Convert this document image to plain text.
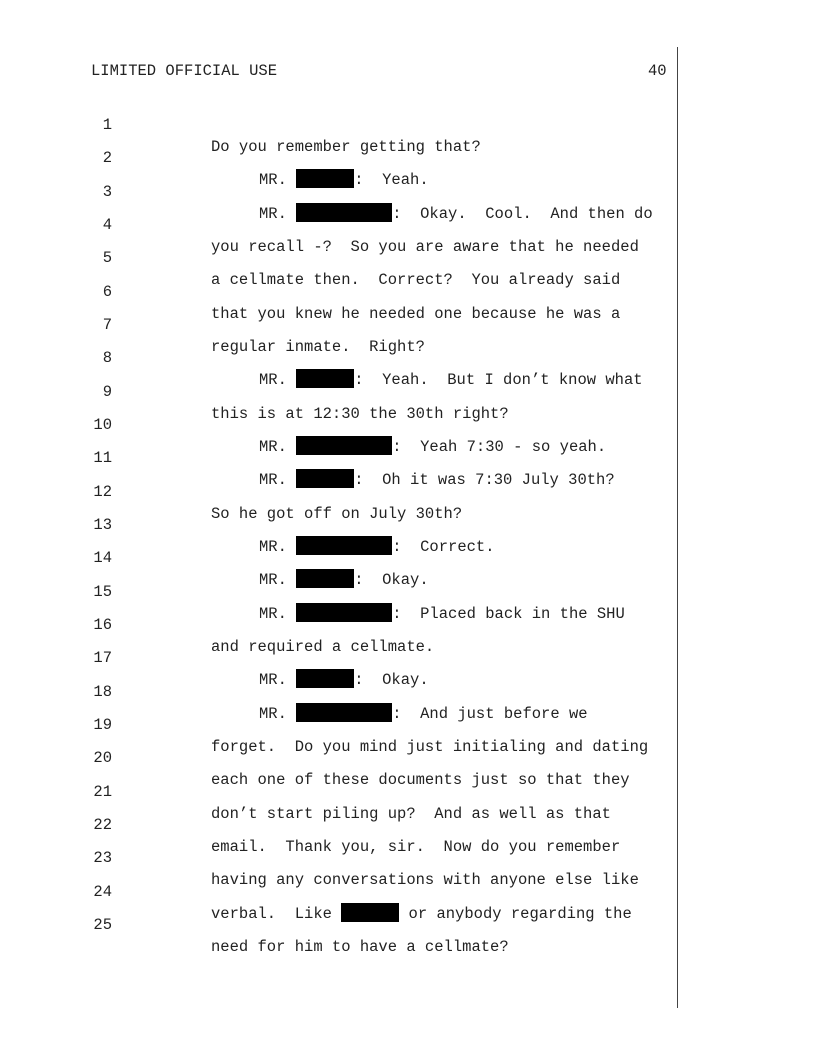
LIMITED OFFICIAL USE	40

1

Do you remember getting that?

2

MR.	:  Yeah.

3

MR.	:  Okay.  Cool.  And then do

4

you recall -?  So you are aware that he needed

5

a cellmate then.  Correct?  You already said

6

that you knew he needed one because he was a

7

regular inmate.  Right?

8

MR.	:  Yeah.  But I don’t know what

9

this is at 12:30 the 30th right?

10

MR.	:  Yeah 7:30 - so yeah.

11

MR.	:  Oh it was 7:30 July 30th?

12

So he got off on July 30th?

13

MR.	:  Correct.

14

MR.	:  Okay.

15

MR.	:  Placed back in the SHU

16

and required a cellmate.

17

MR.	:  Okay.

18

MR.	:  And just before we

19

forget.  Do you mind just initialing and dating

20

each one of these documents just so that they

21

don’t start piling up?  And as well as that

22

email.  Thank you, sir.  Now do you remember

23

having any conversations with anyone else like

24

verbal.  Like	or anybody regarding the

25

need for him to have a cellmate?
